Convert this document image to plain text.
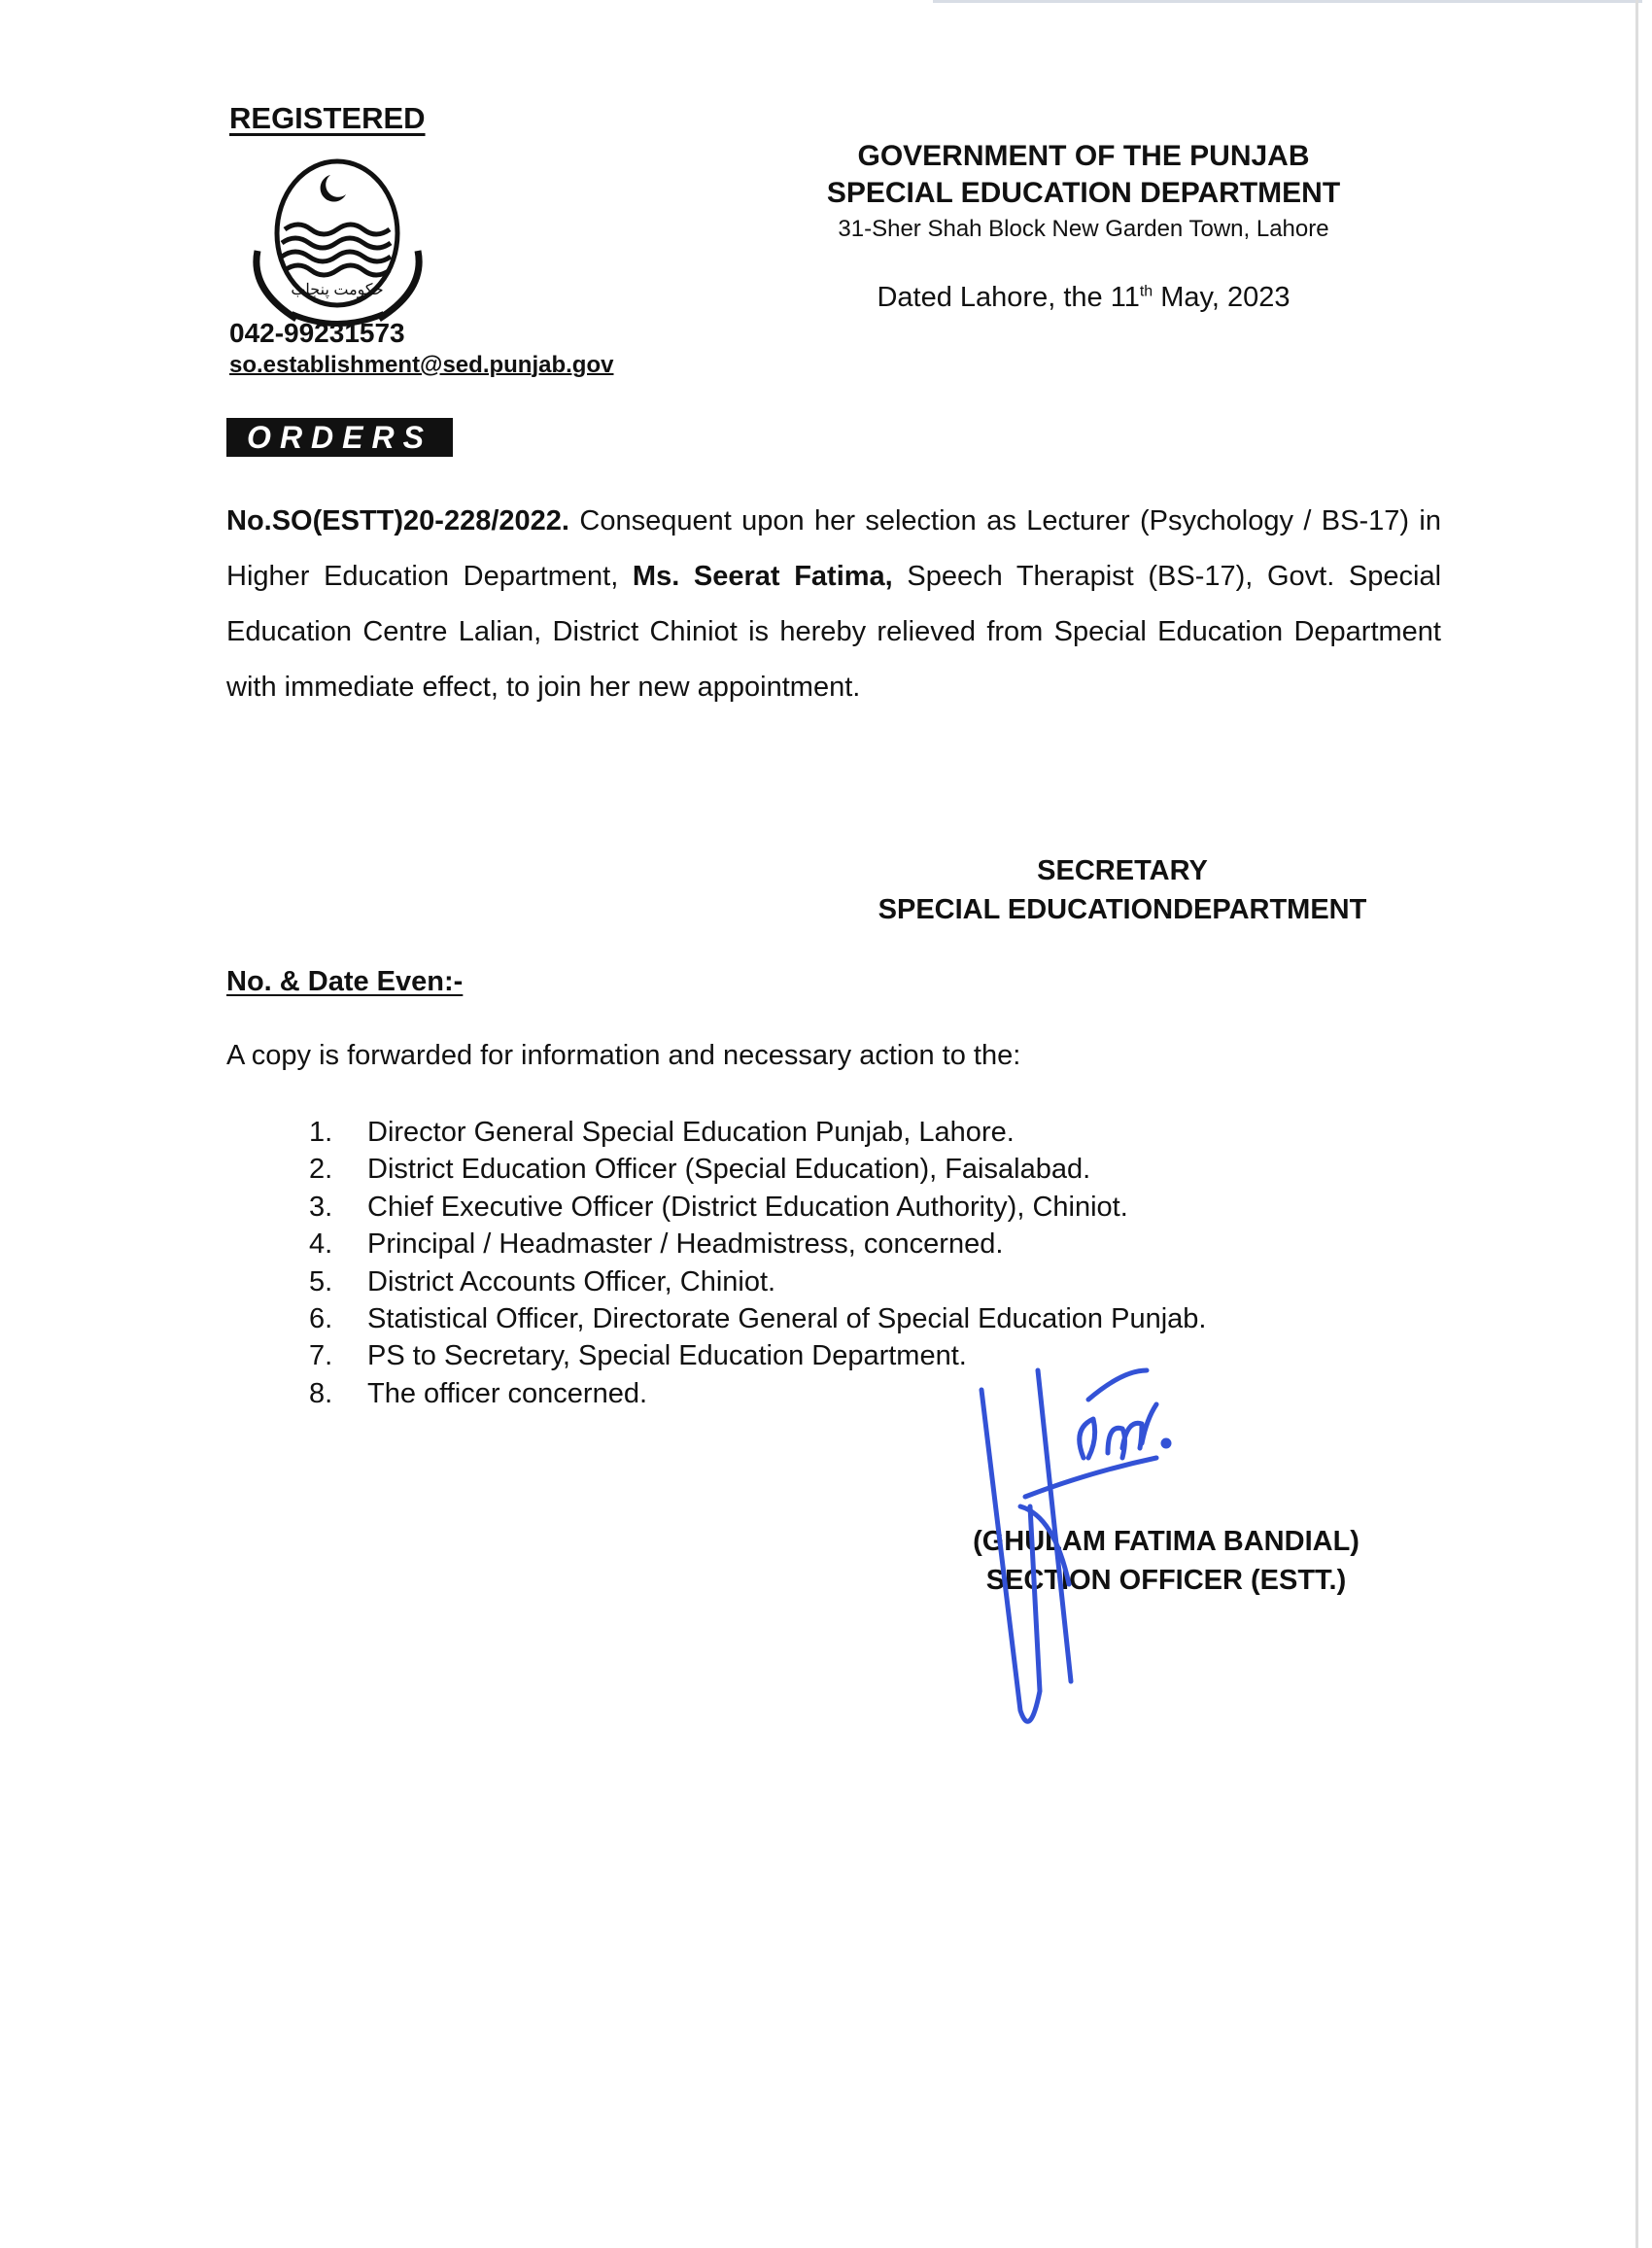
REGISTERED
حکومت پنجاب
042-99231573
so.establishment@sed.punjab.gov
ORDERS
GOVERNMENT OF THE PUNJAB
SPECIAL EDUCATION DEPARTMENT
31-Sher Shah Block New Garden Town, Lahore
Dated Lahore, the 11th May, 2023
No.SO(ESTT)20-228/2022. Consequent upon her selection as Lecturer (Psychology / BS-17) in Higher Education Department, Ms. Seerat Fatima, Speech Therapist (BS-17), Govt. Special Education Centre Lalian, District Chiniot is hereby relieved from Special Education Department with immediate effect, to join her new appointment.
SECRETARY
SPECIAL EDUCATIONDEPARTMENT
No. & Date Even:-
A copy is forwarded for information and necessary action to the:
1.	Director General Special Education Punjab, Lahore.
2.	District Education Officer (Special Education), Faisalabad.
3.	Chief Executive Officer (District Education Authority), Chiniot.
4.	Principal / Headmaster / Headmistress, concerned.
5.	District Accounts Officer, Chiniot.
6.	Statistical Officer, Directorate General of Special Education Punjab.
7.	PS to Secretary, Special Education Department.
8.	The officer concerned.
(GHULAM FATIMA BANDIAL)
SECTION OFFICER (ESTT.)
